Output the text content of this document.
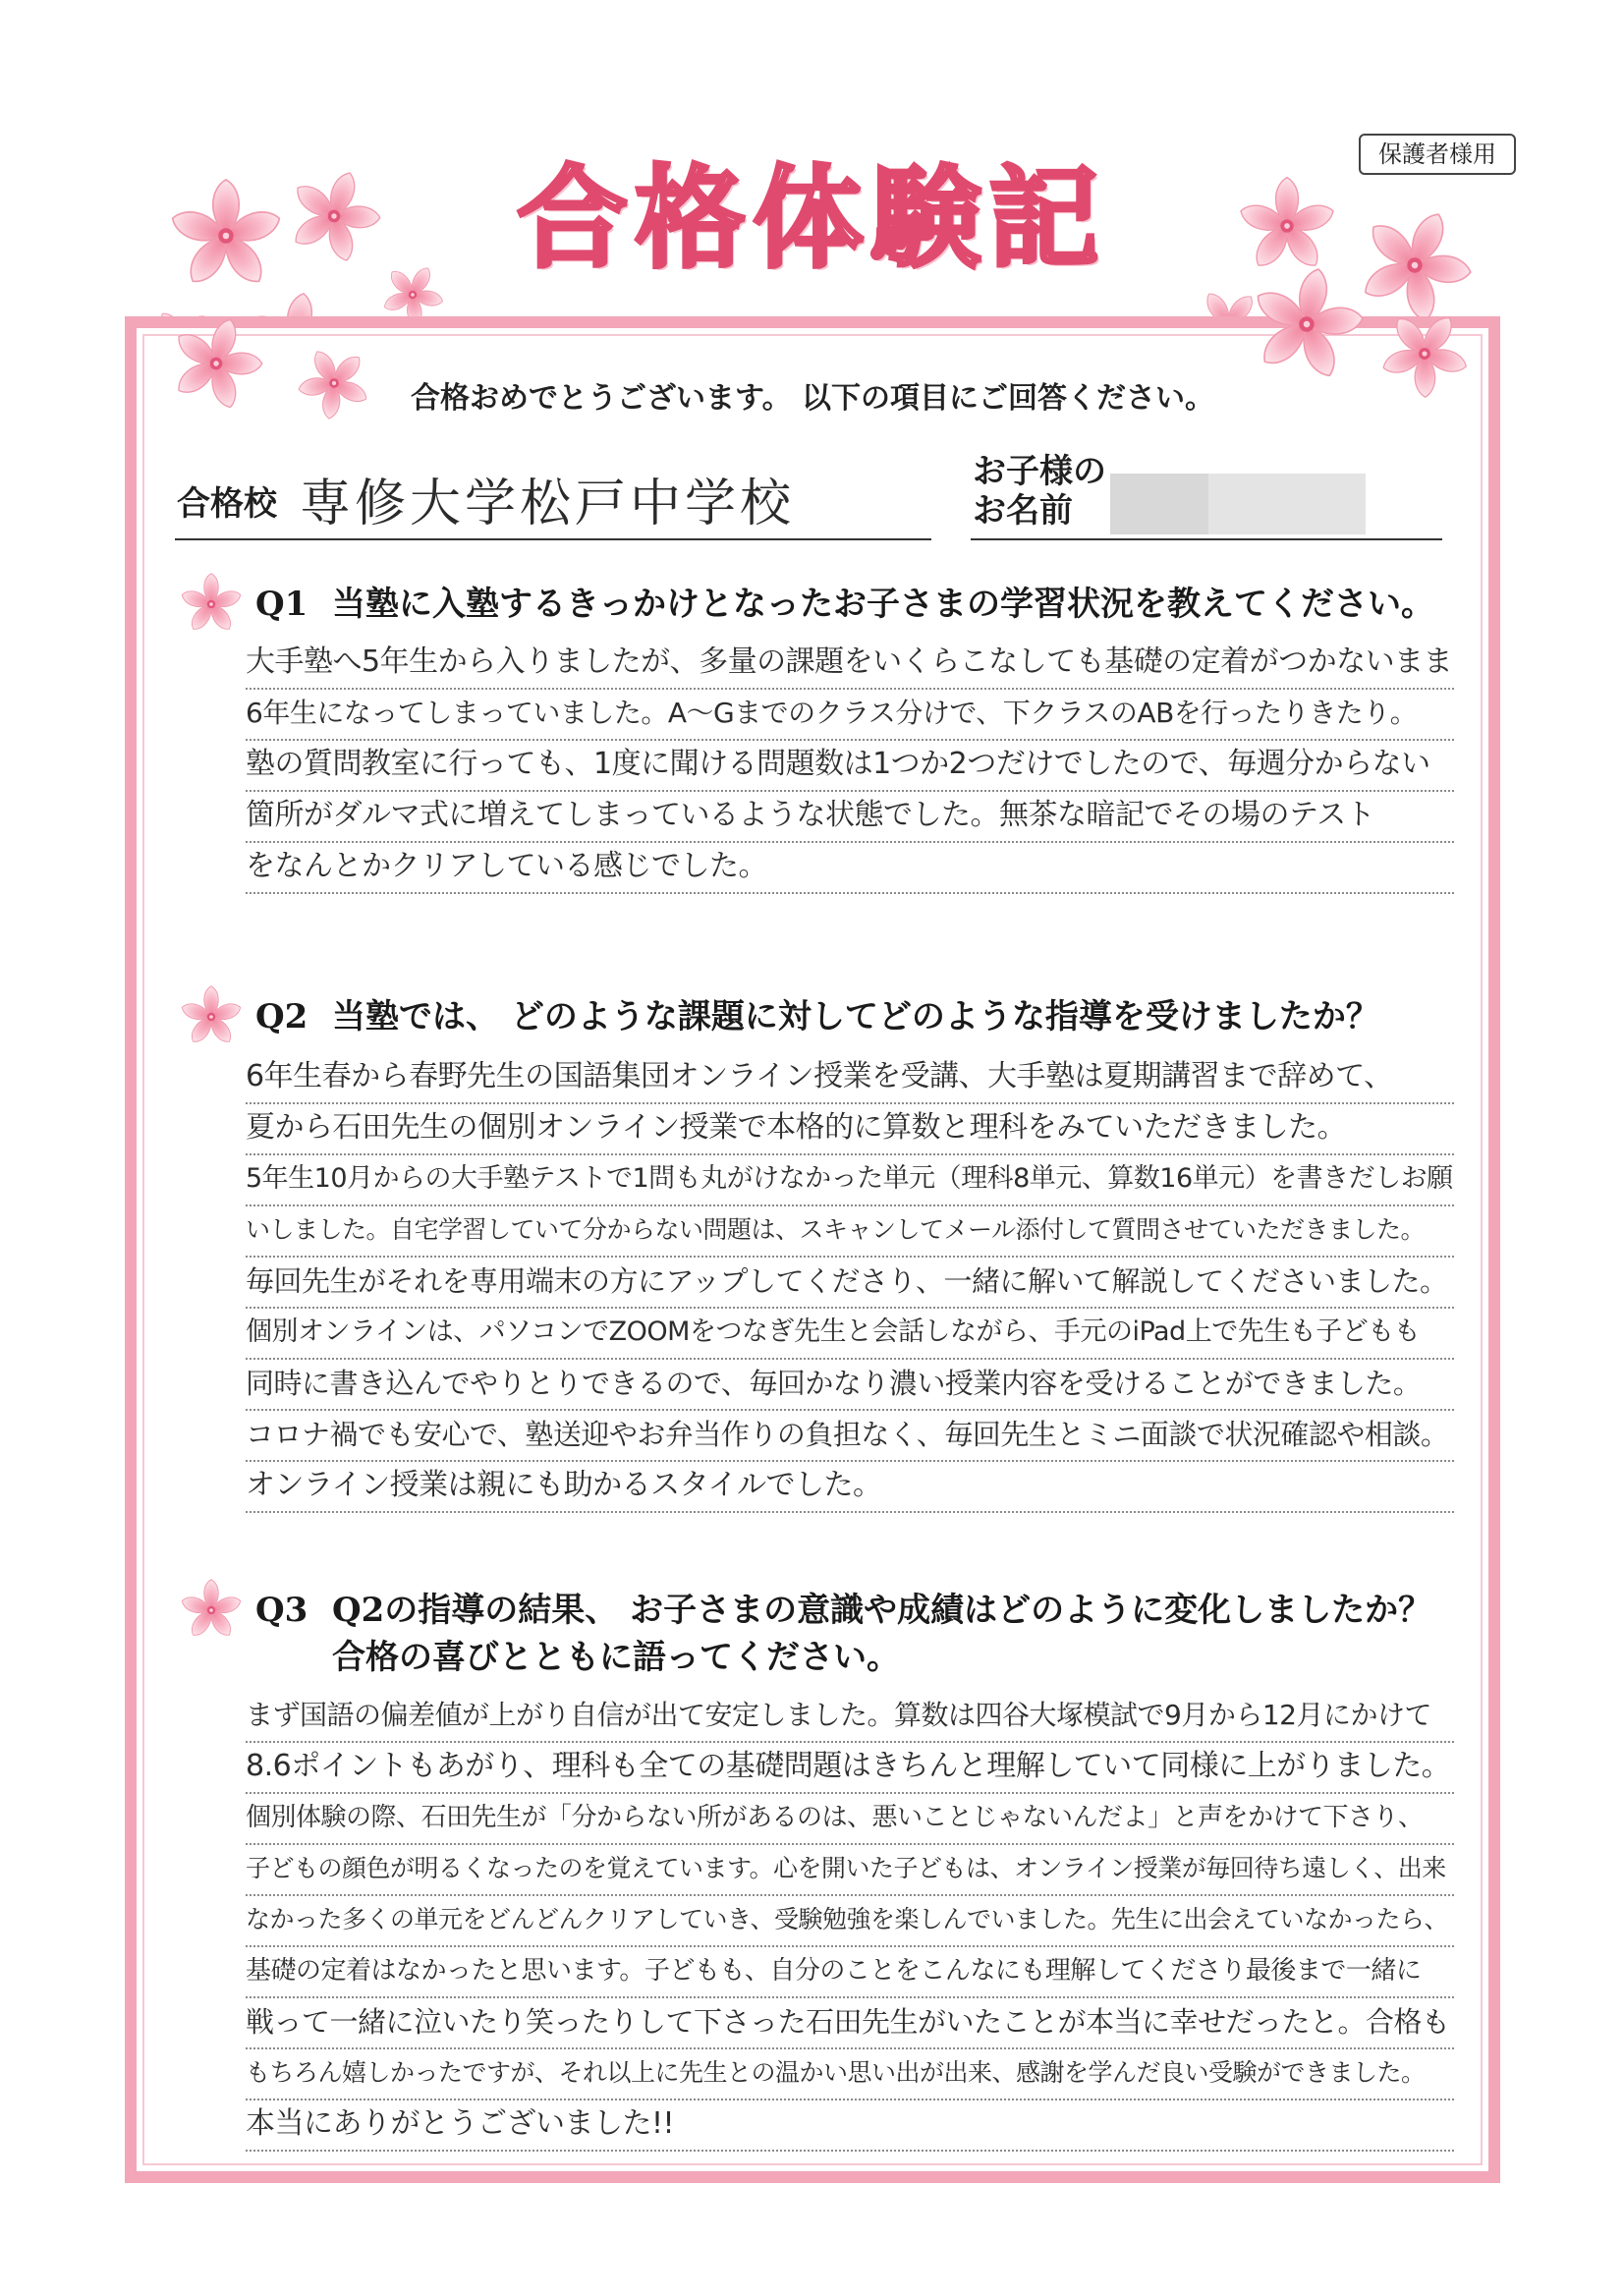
保護者様用
合格体験記
合格おめでとうございます。 以下の項目にご回答ください。
合格校 専修大学松戸中学校
お子様の
お名前
Q1 当塾に入塾するきっかけとなったお子さまの学習状況を教えてください。
大手塾へ5年生から入りましたが、多量の課題をいくらこなしても基礎の定着がつかないまま
6年生になってしまっていました。A〜Gまでのクラス分けで、下クラスのABを行ったりきたり。
塾の質問教室に行っても、1度に聞ける問題数は1つか2つだけでしたので、毎週分からない
箇所がダルマ式に増えてしまっているような状態でした。無茶な暗記でその場のテスト
をなんとかクリアしている感じでした。
Q2 当塾では、 どのような課題に対してどのような指導を受けましたか？
6年生春から春野先生の国語集団オンライン授業を受講、大手塾は夏期講習まで辞めて、
夏から石田先生の個別オンライン授業で本格的に算数と理科をみていただきました。
5年生10月からの大手塾テストで1問も丸がけなかった単元（理科8単元、算数16単元）を書きだしお願
いしました。自宅学習していて分からない問題は、スキャンしてメール添付して質問させていただきました。
毎回先生がそれを専用端末の方にアップしてくださり、一緒に解いて解説してくださいました。
個別オンラインは、パソコンでZOOMをつなぎ先生と会話しながら、手元のiPad上で先生も子どもも
同時に書き込んでやりとりできるので、毎回かなり濃い授業内容を受けることができました。
コロナ禍でも安心で、塾送迎やお弁当作りの負担なく、毎回先生とミニ面談で状況確認や相談。
オンライン授業は親にも助かるスタイルでした。
Q3 Q2の指導の結果、 お子さまの意識や成績はどのように変化しましたか？
合格の喜びとともに語ってください。
まず国語の偏差値が上がり自信が出て安定しました。算数は四谷大塚模試で9月から12月にかけて
8.6ポイントもあがり、理科も全ての基礎問題はきちんと理解していて同様に上がりました。
個別体験の際、石田先生が「分からない所があるのは、悪いことじゃないんだよ」と声をかけて下さり、
子どもの顔色が明るくなったのを覚えています。心を開いた子どもは、オンライン授業が毎回待ち遠しく、出来
なかった多くの単元をどんどんクリアしていき、受験勉強を楽しんでいました。先生に出会えていなかったら、
基礎の定着はなかったと思います。子どもも、自分のことをこんなにも理解してくださり最後まで一緒に
戦って一緒に泣いたり笑ったりして下さった石田先生がいたことが本当に幸せだったと。合格も
もちろん嬉しかったですが、それ以上に先生との温かい思い出が出来、感謝を学んだ良い受験ができました。
本当にありがとうございました!!
